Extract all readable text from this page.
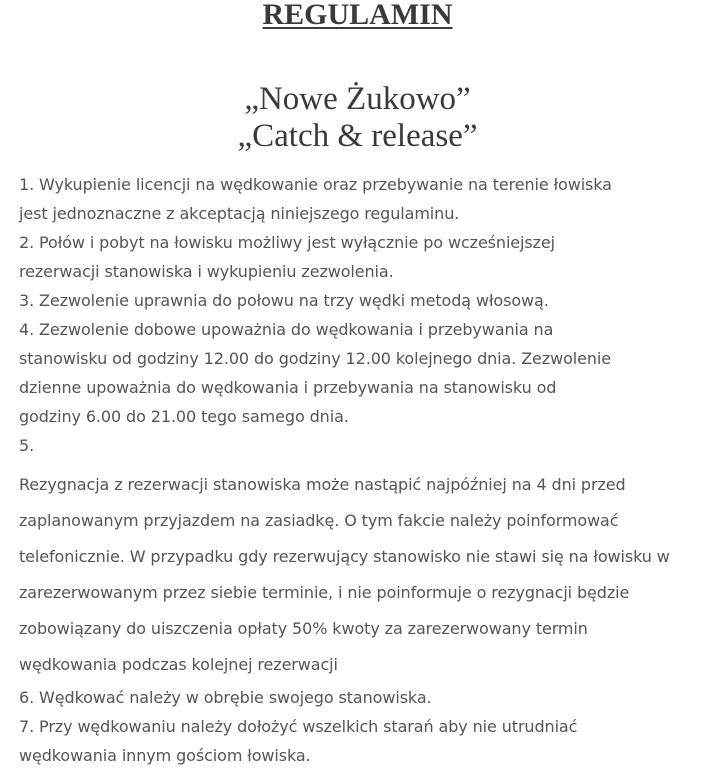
REGULAMIN
„Nowe Żukowo”
„Catch & release”
1. Wykupienie licencji na wędkowanie oraz przebywanie na terenie łowiska
jest jednoznaczne z akceptacją niniejszego regulaminu.
2. Połów i pobyt na łowisku możliwy jest wyłącznie po wcześniejszej
rezerwacji stanowiska i wykupieniu zezwolenia.
3. Zezwolenie uprawnia do połowu na trzy wędki metodą włosową.
4. Zezwolenie dobowe upoważnia do wędkowania i przebywania na
stanowisku od godziny 12.00 do godziny 12.00 kolejnego dnia. Zezwolenie
dzienne upoważnia do wędkowania i przebywania na stanowisku od
godziny 6.00 do 21.00 tego samego dnia.
5.
Rezygnacja z rezerwacji stanowiska może nastąpić najpóźniej na 4 dni przed
zaplanowanym przyjazdem na zasiadkę. O tym fakcie należy poinformować
telefonicznie. W przypadku gdy rezerwujący stanowisko nie stawi się na łowisku w
zarezerwowanym przez siebie terminie, i nie poinformuje o rezygnacji będzie
zobowiązany do uiszczenia opłaty 50% kwoty za zarezerwowany termin
wędkowania podczas kolejnej rezerwacji
6. Wędkować należy w obrębie swojego stanowiska.
7. Przy wędkowaniu należy dołożyć wszelkich starań aby nie utrudniać
wędkowania innym gościom łowiska.
